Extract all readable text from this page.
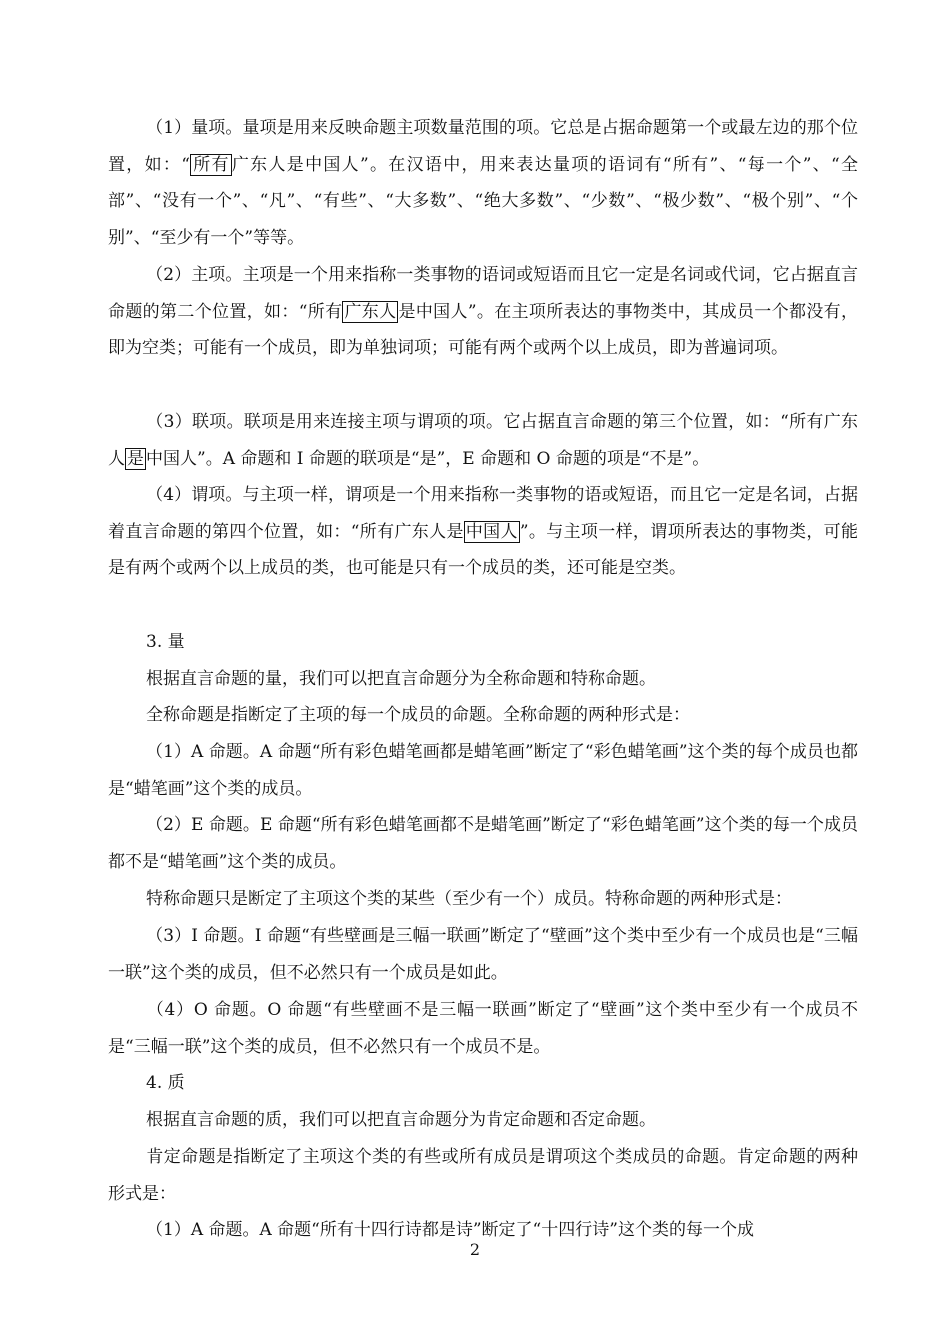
（1）量项。量项是用来反映命题主项数量范围的项。它总是占据命题第一个或最左边的那个位置，如：“ 所有 广东人是中国人”。在汉语中，用来表达量项的语词有“所有”、“每一个”、“全部”、“没有一个”、“凡”、“有些”、“大多数”、“绝大多数”、“少数”、“极少数”、“极个别”、“个别”、“至少有一个”等等。
（2）主项。主项是一个用来指称一类事物的语词或短语而且它一定是名词或代词，它占据直言命题的第二个位置，如：“所有 广东人 是中国人”。在主项所表达的事物类中，其成员一个都没有，即为空类；可能有一个成员，即为单独词项；可能有两个或两个以上成员，即为普遍词项。
（3）联项。联项是用来连接主项与谓项的项。它占据直言命题的第三个位置，如：“所有广东人 是 中国人”。A 命题和 I 命题的联项是“是”，E 命题和 O 命题的项是“不是”。
（4）谓项。与主项一样，谓项是一个用来指称一类事物的语或短语，而且它一定是名词，占据着直言命题的第四个位置，如：“所有广东人是 中国人 ”。与主项一样，谓项所表达的事物类，可能是有两个或两个以上成员的类，也可能是只有一个成员的类，还可能是空类。
3. 量
根据直言命题的量，我们可以把直言命题分为全称命题和特称命题。
全称命题是指断定了主项的每一个成员的命题。全称命题的两种形式是：
（1）A 命题。A 命题“所有彩色蜡笔画都是蜡笔画”断定了“彩色蜡笔画”这个类的每个成员也都是“蜡笔画”这个类的成员。
（2）E 命题。E 命题“所有彩色蜡笔画都不是蜡笔画”断定了“彩色蜡笔画”这个类的每一个成员都不是“蜡笔画”这个类的成员。
特称命题只是断定了主项这个类的某些（至少有一个）成员。特称命题的两种形式是：
（3）I 命题。I 命题“有些壁画是三幅一联画”断定了“壁画”这个类中至少有一个成员也是“三幅一联”这个类的成员，但不必然只有一个成员是如此。
（4）O 命题。O 命题“有些壁画不是三幅一联画”断定了“壁画”这个类中至少有一个成员不是“三幅一联”这个类的成员，但不必然只有一个成员不是。
4. 质
根据直言命题的质，我们可以把直言命题分为肯定命题和否定命题。
肯定命题是指断定了主项这个类的有些或所有成员是谓项这个类成员的命题。肯定命题的两种形式是：
（1）A 命题。A 命题“所有十四行诗都是诗”断定了“十四行诗”这个类的每一个成
2
